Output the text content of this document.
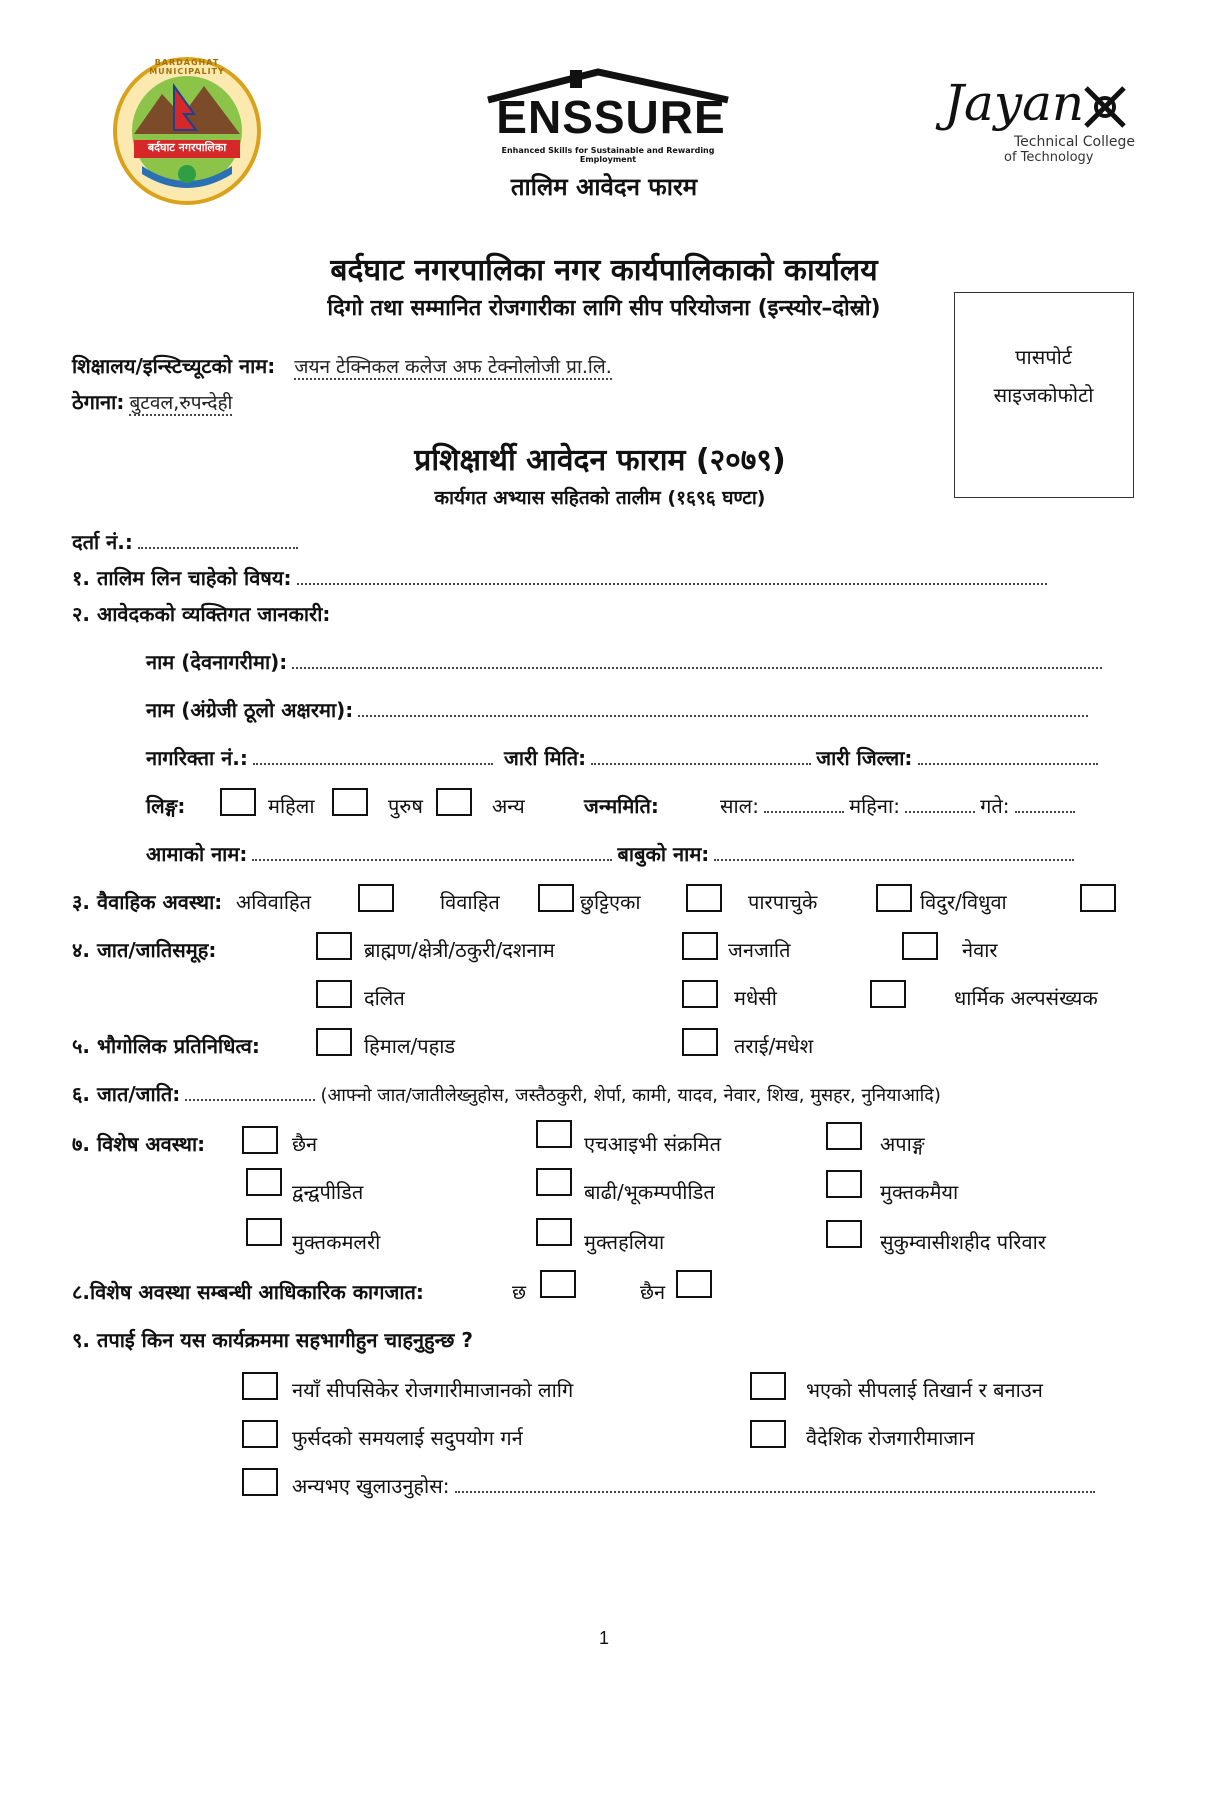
बर्दघाट नगरपालिका
BARDAGHAT MUNICIPALITY
ENSSURE
Enhanced Skills for Sustainable and Rewarding Employment
Jayan
Technical College
of Technology
तालिम आवेदन फारम
बर्दघाट नगरपालिका नगर कार्यपालिकाको कार्यालय
दिगो तथा सम्मानित रोजगारीका लागि सीप परियोजना (इन्स्योर–दोस्रो)
पासपोर्ट
साइजकोफोटो
शिक्षालय/इन्स्टिच्यूटको नाम: जयन टेक्निकल कलेज अफ टेक्नोलोजी प्रा.लि.
ठेगाना: बुटवल,रुपन्देही
प्रशिक्षार्थी आवेदन फाराम (२०७९)
कार्यगत अभ्यास सहितको तालीम (१६९६ घण्टा)
दर्ता नं.:
१. तालिम लिन चाहेको विषय:
२. आवेदकको व्यक्तिगत जानकारी:
नाम (देवनागरीमा):
नाम (अंग्रेजी ठूलो अक्षरमा):
नागरिक्ता नं.:	जारी मिति:	जारी जिल्ला:
लिङ्ग:	महिला	पुरुष	अन्य	जन्ममिति:	साल:	महिना:	गते:
आमाको नाम:	बाबुको नाम:
३. वैवाहिक अवस्था: अविवाहित	विवाहित	छुट्टिएका	पारपाचुके	विदुर/विधुवा
४. जात/जातिसमूह:	ब्राह्मण/क्षेत्री/ठकुरी/दशनाम	जनजाति	नेवार
दलित	मधेसी	धार्मिक अल्पसंख्यक
५. भौगोलिक प्रतिनिधित्व:	हिमाल/पहाड	तराई/मधेश
६. जात/जाति:	(आफ्नो जात/जातीलेख्नुहोस, जस्तैठकुरी, शेर्पा, कामी, यादव, नेवार, शिख, मुसहर, नुनियाआदि)
७. विशेष अवस्था:	छैन	एचआइभी संक्रमित	अपाङ्ग
द्वन्द्वपीडित	बाढी/भूकम्पपीडित	मुक्तकमैया
मुक्तकमलरी	मुक्तहलिया	सुकुम्वासीशहीद परिवार
८.विशेष अवस्था सम्बन्धी आधिकारिक कागजात:	छ	छैन
९. तपाई किन यस कार्यक्रममा सहभागीहुन चाहनुहुन्छ ?
नयाँ सीपसिकेर रोजगारीमाजानको लागि	भएको सीपलाई तिखार्न र बनाउन
फुर्सदको समयलाई सदुपयोग गर्न	वैदेशिक रोजगारीमाजान
अन्यभए खुलाउनुहोस:
1
